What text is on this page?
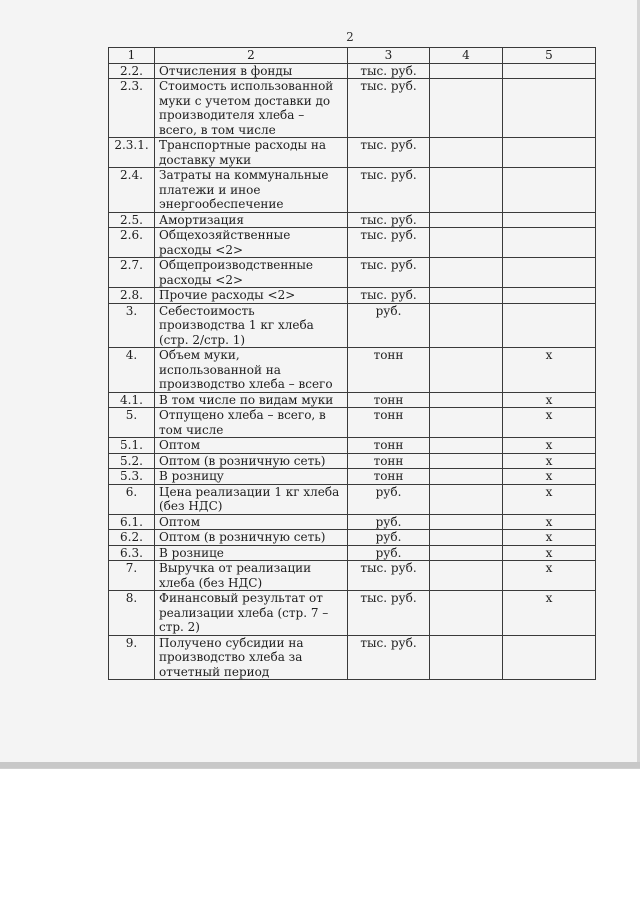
2
1	2	3	4	5
2.2.	Отчисления в фонды	тыс. руб.		
2.3.	Стоимость использованной муки с учетом доставки до производителя хлеба – всего, в том числе	тыс. руб.		
2.3.1.	Транспортные расходы на доставку муки	тыс. руб.		
2.4.	Затраты на коммунальные платежи и иное энергообеспечение	тыс. руб.		
2.5.	Амортизация	тыс. руб.		
2.6.	Общехозяйственные расходы <2>	тыс. руб.		
2.7.	Общепроизводственные расходы <2>	тыс. руб.		
2.8.	Прочие расходы <2>	тыс. руб.		
3.	Себестоимость производства 1 кг хлеба (стр. 2/стр. 1)	руб.		
4.	Объем муки, использованной на производство хлеба – всего	тонн		x
4.1.	В том числе по видам муки	тонн		x
5.	Отпущено хлеба – всего, в том числе	тонн		x
5.1.	Оптом	тонн		x
5.2.	Оптом (в розничную сеть)	тонн		x
5.3.	В розницу	тонн		x
6.	Цена реализации 1 кг хлеба (без НДС)	руб.		x
6.1.	Оптом	руб.		x
6.2.	Оптом (в розничную сеть)	руб.		x
6.3.	В рознице	руб.		x
7.	Выручка от реализации хлеба (без НДС)	тыс. руб.		x
8.	Финансовый результат от реализации хлеба (стр. 7 – стр. 2)	тыс. руб.		x
9.	Получено субсидии на производство хлеба за отчетный период	тыс. руб.		
